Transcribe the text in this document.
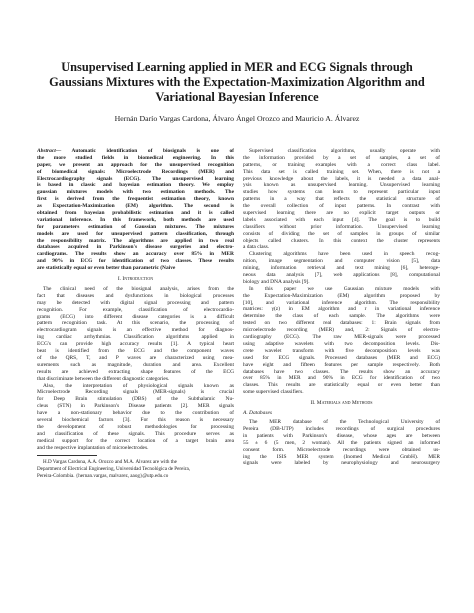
Unsupervised Learning applied in MER and ECG Signals through
Gaussians Mixtures with the Expectation-Maximization Algorithm and
Variational Bayesian Inference
Hernán Darío Vargas Cardona, Álvaro Ángel Orozco and Mauricio A. Álvarez
Abstract— Automatic identification of biosignals is one of
the more studied fields in biomedical engineering. In this
paper, we present an approach for the unsupervised recognition
of biomedical signals: Microelectrode Recordings (MER) and
Electrocardiography signals (ECG). The unsupervised learning
is based in classic and bayesian estimation theory. We employ
gaussian mixtures models with two estimation methods. The
first is derived from the frequentist estimation theory, known
as Expectation-Maximization (EM) algorithm. The second is
obtained from bayesian probabilistic estimation and it is called
variational inference. In this framework, both methods are used
for parameters estimation of Gaussian mixtures. The mixtures
models are used for unsupervised pattern classification, through
the responsibility matrix. The algorithms are applied in two real
databases acquired in Parkinson's disease surgeries and electro-
cardiograms. The results show an accuracy over 85% in MER
and 90% in ECG for identification of two classes. These results
are statistically equal or even better than parametric (Naive
I. Introduction
The clinical need of the biosignal analysis, arises from the
fact that diseases and dysfunctions in biological processes
may be detected with digital signal processing and pattern
recognition. For example, classification of electrocardio-
grams (ECG) into different disease categories is a difficult
pattern recognition task. At this scenario, the processing of
electrocardiogram signals is an effective method for diagnos-
ing cardiac arrhythmias. Classification algorithms applied in
ECG's can provide high accuracy results [1]. A typical heart
beat is identified from the ECG and the component waves
of the QRS, T, and P waves are characterized using mea-
surements such as magnitude, duration and area. Excellent
results are achieved extracting shape features of the ECG
that discriminate between the different diagnostic categories.
Also, the interpretation of physiological signals known as
Microelectrode Recording signals (MER-signals) is crucial
for Deep Brain stimulation (DBS) of the Subthalamic Nu-
cleus (STN) in Parkinson's Disease patients [2]. MER signals
have a non-stationary behavior due to the contribution of
several biochemical factors [3]. For this reason is necessary
the development of robust methodologies for processing
and classification of these signals. This procedure serves as
medical support for the correct location of a target brain area
and the respective implantation of microelectrodes.
H.D Vargas Cardona, A.A. Orozco and M.A. Álvarez are with the
Department of Electrical Engineering, Universidad Tecnológica de Pereira,
Pereira-Colombia. {hernan.vargas, malvarez, aaog}@utp.edu.co
Supervised classification algorithms, usually operate with
the information provided by a set of samples, a set of
patterns, or training examples with a correct class label.
This data set is called training set. When, there is not a
previous knowledge about the labels, it is needed a data anal-
ysis known as unsupervised learning. Unsupervised learning
studies how systems can learn to represent particular input
patterns in a way that reflects the statistical structure of
the overall collection of input patterns. In contrast with
supervised learning there are no explicit target outputs or
labels associated with each input [4]. The goal is to build
classifiers without prior information. Unsupervised learning
consists of dividing the set of samples in groups of similar
objects called clusters. In this context the cluster represents
a data class.
Clustering algorithms have been used in speech recog-
nition, image segmentation and computer vision [5], data
mining, information retrieval and text mining [6], heteroge-
neous data analysis [7], web applications [8], computational
biology and DNA analysis [9].
In this paper we use Gaussian mixture models with
the Expectation-Maximization (EM) algorithm proposed by
[10], and variational inference algorithm. The responsibility
matrices: γ(z) in EM algorithm and r in variational inference
determine the class of each sample. The algorithms were
tested on two different real databases: 1: Brain signals from
microelectrode recording (MER) and, 2: Signals of electro-
cardiography (ECG). The raw MER-signals were processed
using adaptive wavelets with two decomposition levels. Dis-
crete wavelet transform with five decomposition levels was
used for ECG signals. Processed databases (MER and ECG)
have eight and fifteen features per sample respectively. Both
databases have two classes. The results show an accuracy
over 85% in MER and 90% in ECG for identification of two
classes. This results are statistically equal or even better than
some supervised classifiers.
II. Materials and Methods
A. Databases
The MER database of the Technological University of
Pereira (DB-UTP) includes recordings of surgical procedures
in patients with Parkinson's disease, whose ages are between
55 ± 6 (5 men, 2 woman). All the patients signed an informed
consent form. Microelectrode recordings were obtained us-
ing the ISIS MER system (Inomed Medical GmbH). MER
signals were labeled by neurophysiology and neurosurgery
